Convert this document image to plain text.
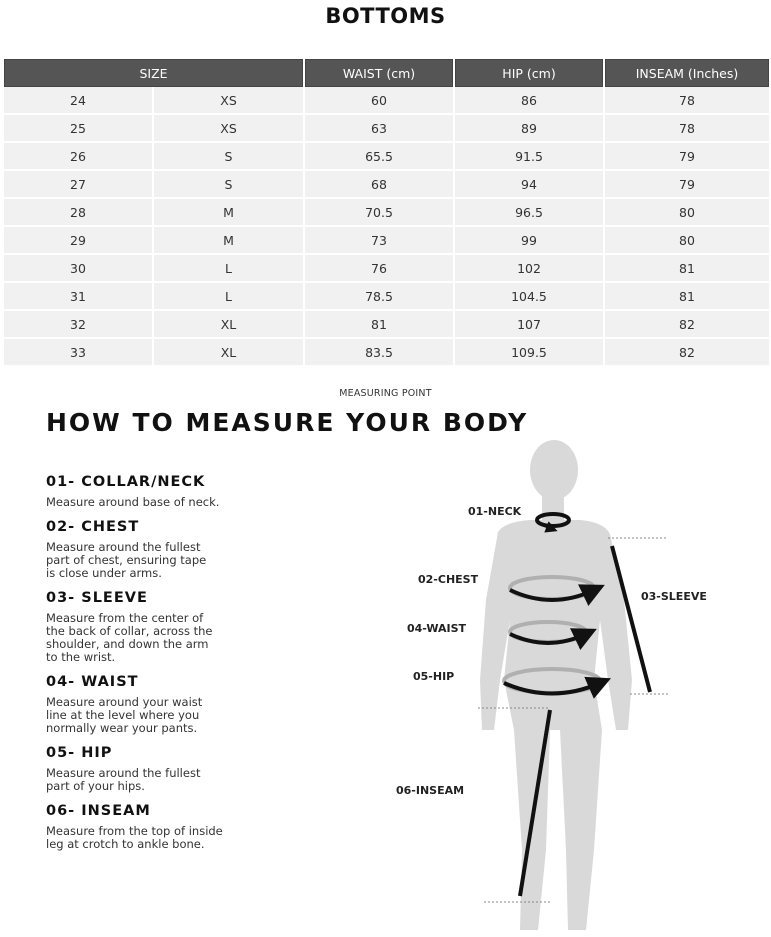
BOTTOMS
SIZE		WAIST (cm)	HIP (cm)	INSEAM (Inches)
24	XS	60	86	78
25	XS	63	89	78
26	S	65.5	91.5	79
27	S	68	94	79
28	M	70.5	96.5	80
29	M	73	99	80
30	L	76	102	81
31	L	78.5	104.5	81
32	XL	81	107	82
33	XL	83.5	109.5	82
MEASURING POINT
HOW TO MEASURE YOUR BODY
01- COLLAR/NECK
Measure around base of neck.
02- CHEST
Measure around the fullest
part of chest, ensuring tape
is close under arms.
03- SLEEVE
Measure from the center of
the back of collar, across the
shoulder, and down the arm
to the wrist.
04- WAIST
Measure around your waist
line at the level where you
normally wear your pants.
05- HIP
Measure around the fullest
part of your hips.
06- INSEAM
Measure from the top of inside
leg at crotch to ankle bone.
01-NECK
02-CHEST
03-SLEEVE
04-WAIST
05-HIP
06-INSEAM
